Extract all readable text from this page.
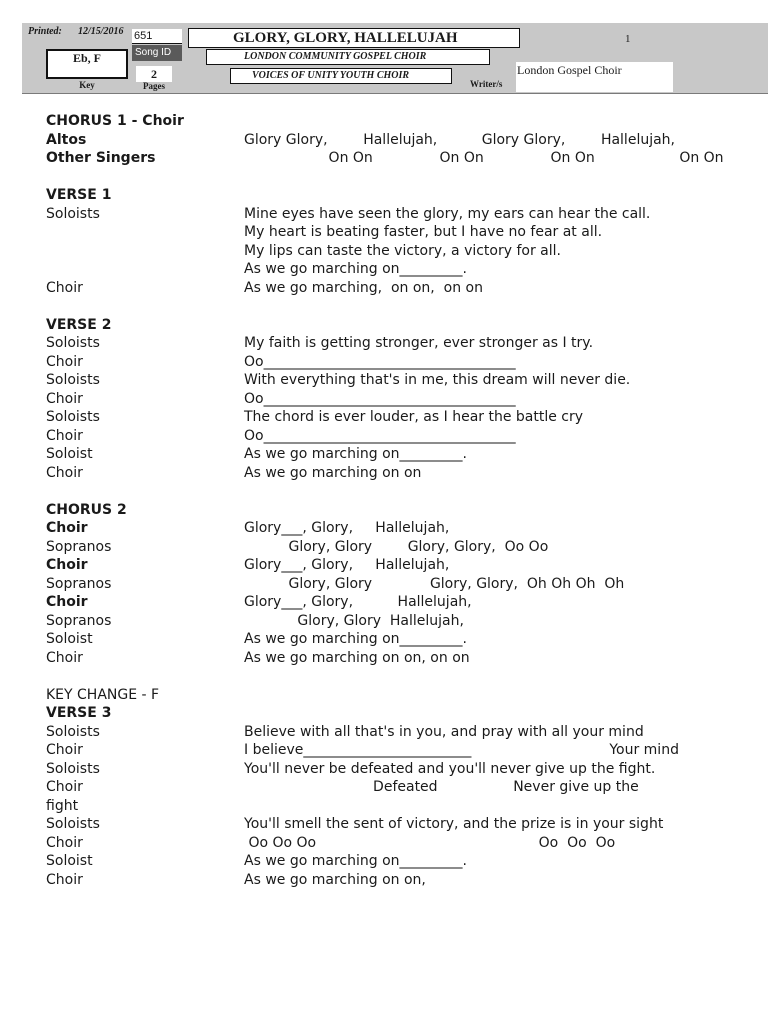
Printed: 12/15/2016 651
Song ID
Eb, F
Key
2
Pages
GLORY, GLORY, HALLELUJAH
LONDON COMMUNITY GOSPEL CHOIR
VOICES OF UNITY YOUTH CHOIR
1
Writer/s
London Gospel Choir
CHORUS 1 - Choir
Altos	Glory Glory,        Hallelujah,          Glory Glory,        Hallelujah,
Other Singers	On On               On On               On On                   On On
VERSE 1
Soloists	Mine eyes have seen the glory, my ears can hear the call.
My heart is beating faster, but I have no fear at all.
My lips can taste the victory, a victory for all.
As we go marching on_________.
Choir	As we go marching,  on on,  on on
VERSE 2
Soloists	My faith is getting stronger, ever stronger as I try.
Choir	Oo____________________________________
Soloists	With everything that's in me, this dream will never die.
Choir	Oo____________________________________
Soloists	The chord is ever louder, as I hear the battle cry
Choir	Oo____________________________________
Soloist	As we go marching on_________.
Choir	As we go marching on on
CHORUS 2
Choir	Glory___, Glory,     Hallelujah,
Sopranos	Glory, Glory        Glory, Glory,  Oo Oo
Choir	Glory___, Glory,     Hallelujah,
Sopranos	Glory, Glory             Glory, Glory,  Oh Oh Oh  Oh
Choir	Glory___, Glory,          Hallelujah,
Sopranos	Glory, Glory  Hallelujah,
Soloist	As we go marching on_________.
Choir	As we go marching on on, on on
KEY CHANGE - F
VERSE 3
Soloists	Believe with all that's in you, and pray with all your mind
Choir	I believe________________________                               Your mind
Soloists	You'll never be defeated and you'll never give up the fight.
Choir	Defeated                 Never give up the
fight
Soloists	You'll smell the sent of victory, and the prize is in your sight
Choir	Oo Oo Oo                                                  Oo  Oo  Oo
Soloist	As we go marching on_________.
Choir	As we go marching on on,
